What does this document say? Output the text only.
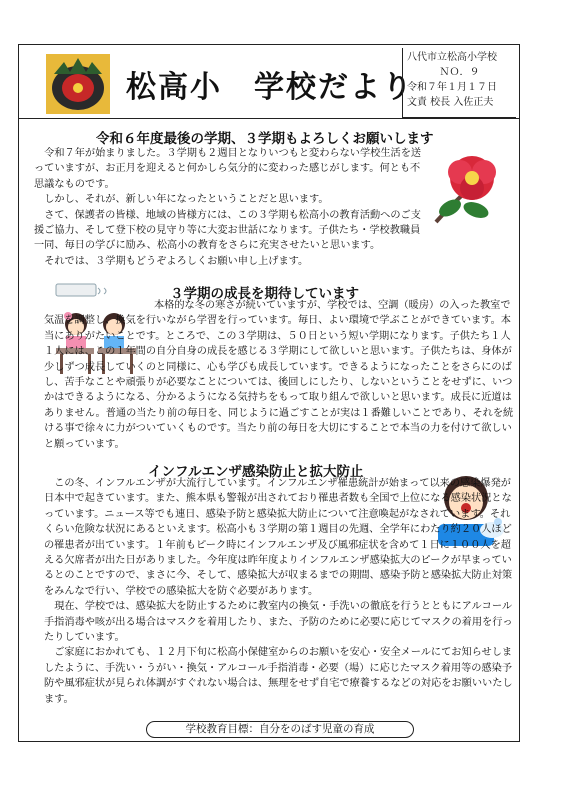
松高小　学校だより
八代市立松高小学校
ＮＯ．９
令和７年１月１７日
文責 校長 入佐正夫
令和６年度最後の学期、３学期もよろしくお願いします

令和７年が始まりました。３学期も２週目となりいつもと変わらない学校生活を送っていますが、お正月を迎えると何かしら気分的に変わった感じがします。何とも不思議なものです。

しかし、それが、新しい年になったということだと思います。

さて、保護者の皆様、地域の皆様方には、この３学期も松高小の教育活動へのご支援ご協力、そして登下校の見守り等に大変お世話になります。子供たち・学校教職員一同、毎日の学びに励み、松高小の教育をさらに充実させたいと思います。

それでは、３学期もどうぞよろしくお願い申し上げます。

３学期の成長を期待しています

本格的な冬の寒さが続いていますが、学校では、空調（暖房）の入った教室で気温を調整し、換気を行いながら学習を行っています。毎日、よい環境で学ぶことができています。本当にありがたいことです。ところで、この３学期は、５０日という短い学期になります。子供たち１人１人には、この１年間の自分自身の成長を感じる３学期にして欲しいと思います。子供たちは、身体が少しずつ成長していくのと同様に、心も学びも成長しています。できるようになったことをさらにのばし、苦手なことや頑張りが必要なことについては、後回しにしたり、しないということをせずに、いつかはできるようになる、分かるようになる気持ちをもって取り組んで欲しいと思います。成長に近道はありません。普通の当たり前の毎日を、同じように過ごすことが実は１番難しいことであり、それを続ける事で徐々に力がついていくものです。当たり前の毎日を大切にすることで本当の力を付けて欲しいと願っています。

インフルエンザ感染防止と拡大防止

この冬、インフルエンザが大流行しています。インフルエンザ罹患統計が始まって以来の感染爆発が日本中で起きています。また、熊本県も警報が出されており罹患者数も全国で上位になる感染状況となっています。ニュース等でも連日、感染予防と感染拡大防止について注意喚起がなされています。それくらい危険な状況にあるといえます。松高小も３学期の第１週目の先週、全学年にわたり約２０人ほどの罹患者が出ています。１年前もピーク時にインフルエンザ及び風邪症状を含めて１日に１００人を超える欠席者が出た日がありました。今年度は昨年度よりインフルエンザ感染拡大のピークが早まっているとのことですので、まさに今、そして、感染拡大が収まるまでの期間、感染予防と感染拡大防止対策をみんなで行い、学校での感染拡大を防ぐ必要があります。

現在、学校では、感染拡大を防止するために教室内の換気・手洗いの徹底を行うとともにアルコール手指消毒や咳が出る場合はマスクを着用したり、また、予防のために必要に応じてマスクの着用を行ったりしています。

ご家庭におかれても、１２月下旬に松高小保健室からのお願いを安心・安全メールにてお知らせしましたように、手洗い・うがい・換気・アルコール手指消毒・必要（場）に応じたマスク着用等の感染予防や風邪症状が見られ体調がすぐれない場合は、無理をせず自宅で療養するなどの対応をお願いいたします。

学校教育目標：自分をのばす児童の育成
